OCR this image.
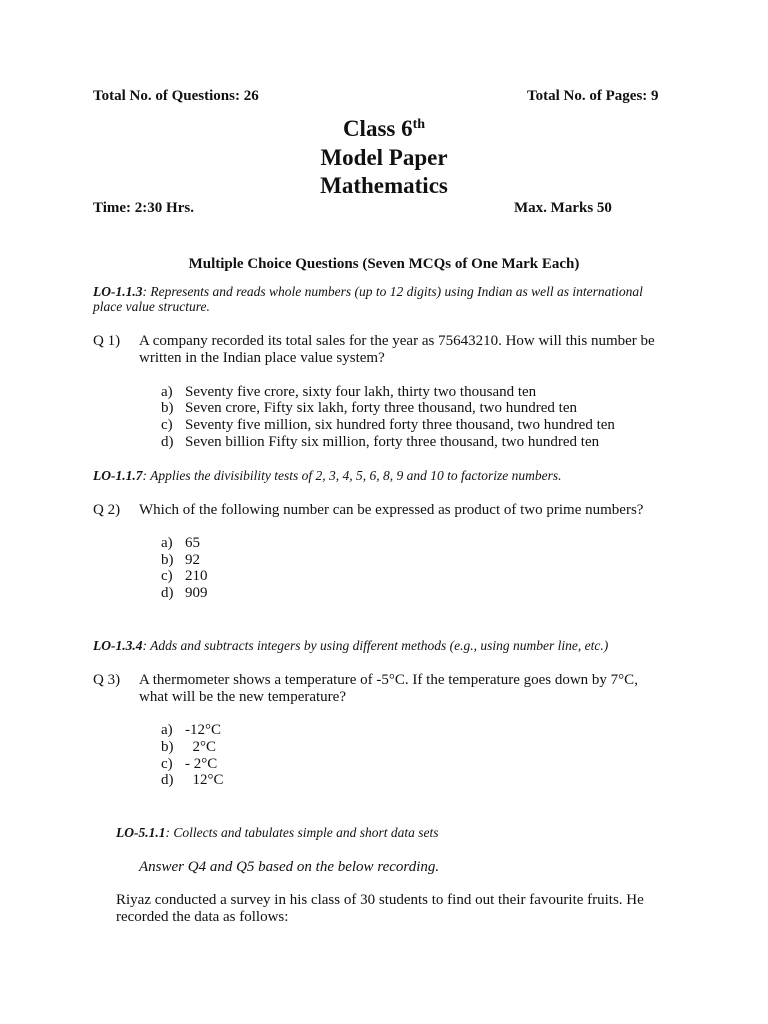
Total No. of Questions: 26	Total No. of Pages: 9
Class 6th
Model Paper
Mathematics
Time: 2:30 Hrs.	Max. Marks 50
Multiple Choice Questions (Seven MCQs of One Mark Each)
LO-1.1.3: Represents and reads whole numbers (up to 12 digits) using Indian as well as international
place value structure.
Q 1) A company recorded its total sales for the year as 75643210. How will this number be
written in the Indian place value system?
a) Seventy five crore, sixty four lakh, thirty two thousand ten
b) Seven crore, Fifty six lakh, forty three thousand, two hundred ten
c) Seventy five million, six hundred forty three thousand, two hundred ten
d) Seven billion Fifty six million, forty three thousand, two hundred ten
LO-1.1.7: Applies the divisibility tests of 2, 3, 4, 5, 6, 8, 9 and 10 to factorize numbers.
Q 2) Which of the following number can be expressed as product of two prime numbers?
a) 65
b) 92
c) 210
d) 909
LO-1.3.4: Adds and subtracts integers by using different methods (e.g., using number line, etc.)
Q 3) A thermometer shows a temperature of -5°C. If the temperature goes down by 7°C,
what will be the new temperature?
a) -12°C
b)  2°C
c) - 2°C
d)  12°C
LO-5.1.1: Collects and tabulates simple and short data sets
Answer Q4 and Q5 based on the below recording.
Riyaz conducted a survey in his class of 30 students to find out their favourite fruits. He
recorded the data as follows:
